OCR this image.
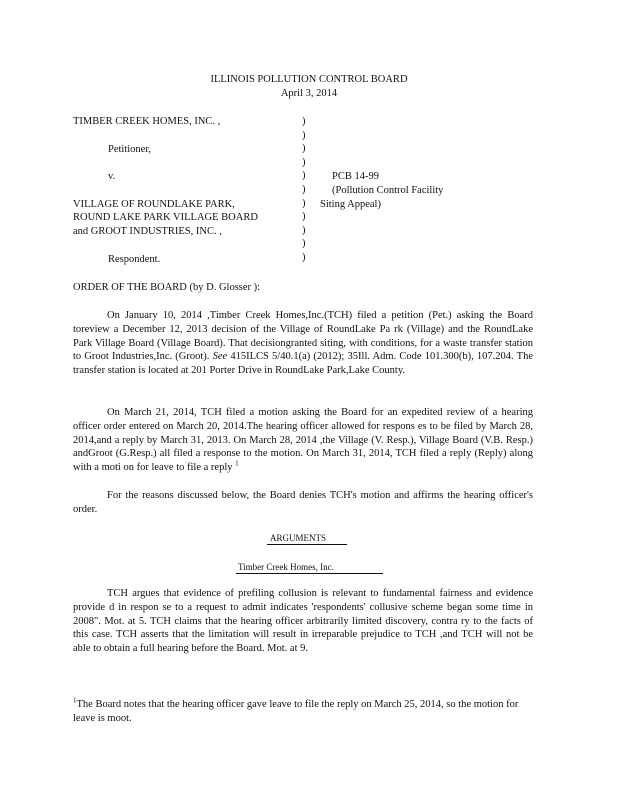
ILLINOIS POLLUTION CONTROL BOARD
April 3, 2014
TIMBER CREEK HOMES, INC. ,
Petitioner,
v.
VILLAGE OF ROUNDLAKE PARK,
ROUND LAKE PARK VILLAGE BOARD
and GROOT INDUSTRIES, INC. ,
Respondent.
)
)
)
)
)
)
)
)
)
)
)
PCB 14-99
(Pollution Control Facility
Siting Appeal)
ORDER OF THE BOARD (by D. Glosser ):
On January 10, 2014 ,Timber Creek Homes,Inc.(TCH) filed a petition (Pet.) asking the Board toreview a December 12, 2013 decision of the Village of RoundLake Pa rk (Village) and the RoundLake Park Village Board (Village Board). That decisiongranted siting, with conditions, for a waste transfer station to Groot Industries,Inc. (Groot). See 415ILCS 5/40.1(a) (2012); 35Ill. Adm. Code 101.300(b), 107.204. The transfer station is located at 201 Porter Drive in RoundLake Park,Lake County.
On March 21, 2014, TCH filed a motion asking the Board for an expedited review of a hearing officer order entered on March 20, 2014.The hearing officer allowed for respons es to be filed by March 28, 2014,and a reply by March 31, 2013. On March 28, 2014 ,the Village (V. Resp.), Village Board (V.B. Resp.) andGroot (G.Resp.) all filed a response to the motion. On March 31, 2014, TCH filed a reply (Reply) along with a moti on for leave to file a reply $^1$
For the reasons discussed below, the Board denies TCH's motion and affirms the hearing officer's order.
ARGUMENTS
Timber Creek Homes, Inc.
TCH argues that evidence of prefiling collusion is relevant to fundamental fairness and evidence provide d in respon se to a request to admit indicates 'respondents' collusive scheme began some time in 2008". Mot. at 5. TCH claims that the hearing officer arbitrarily limited discovery, contra ry to the facts of this case. TCH asserts that the limitation will result in irreparable prejudice to TCH ,and TCH will not be able to obtain a full hearing before the Board. Mot. at 9.
$^1$The Board notes that the hearing officer gave leave to file the reply on March 25, 2014, so the motion for leave is moot.
